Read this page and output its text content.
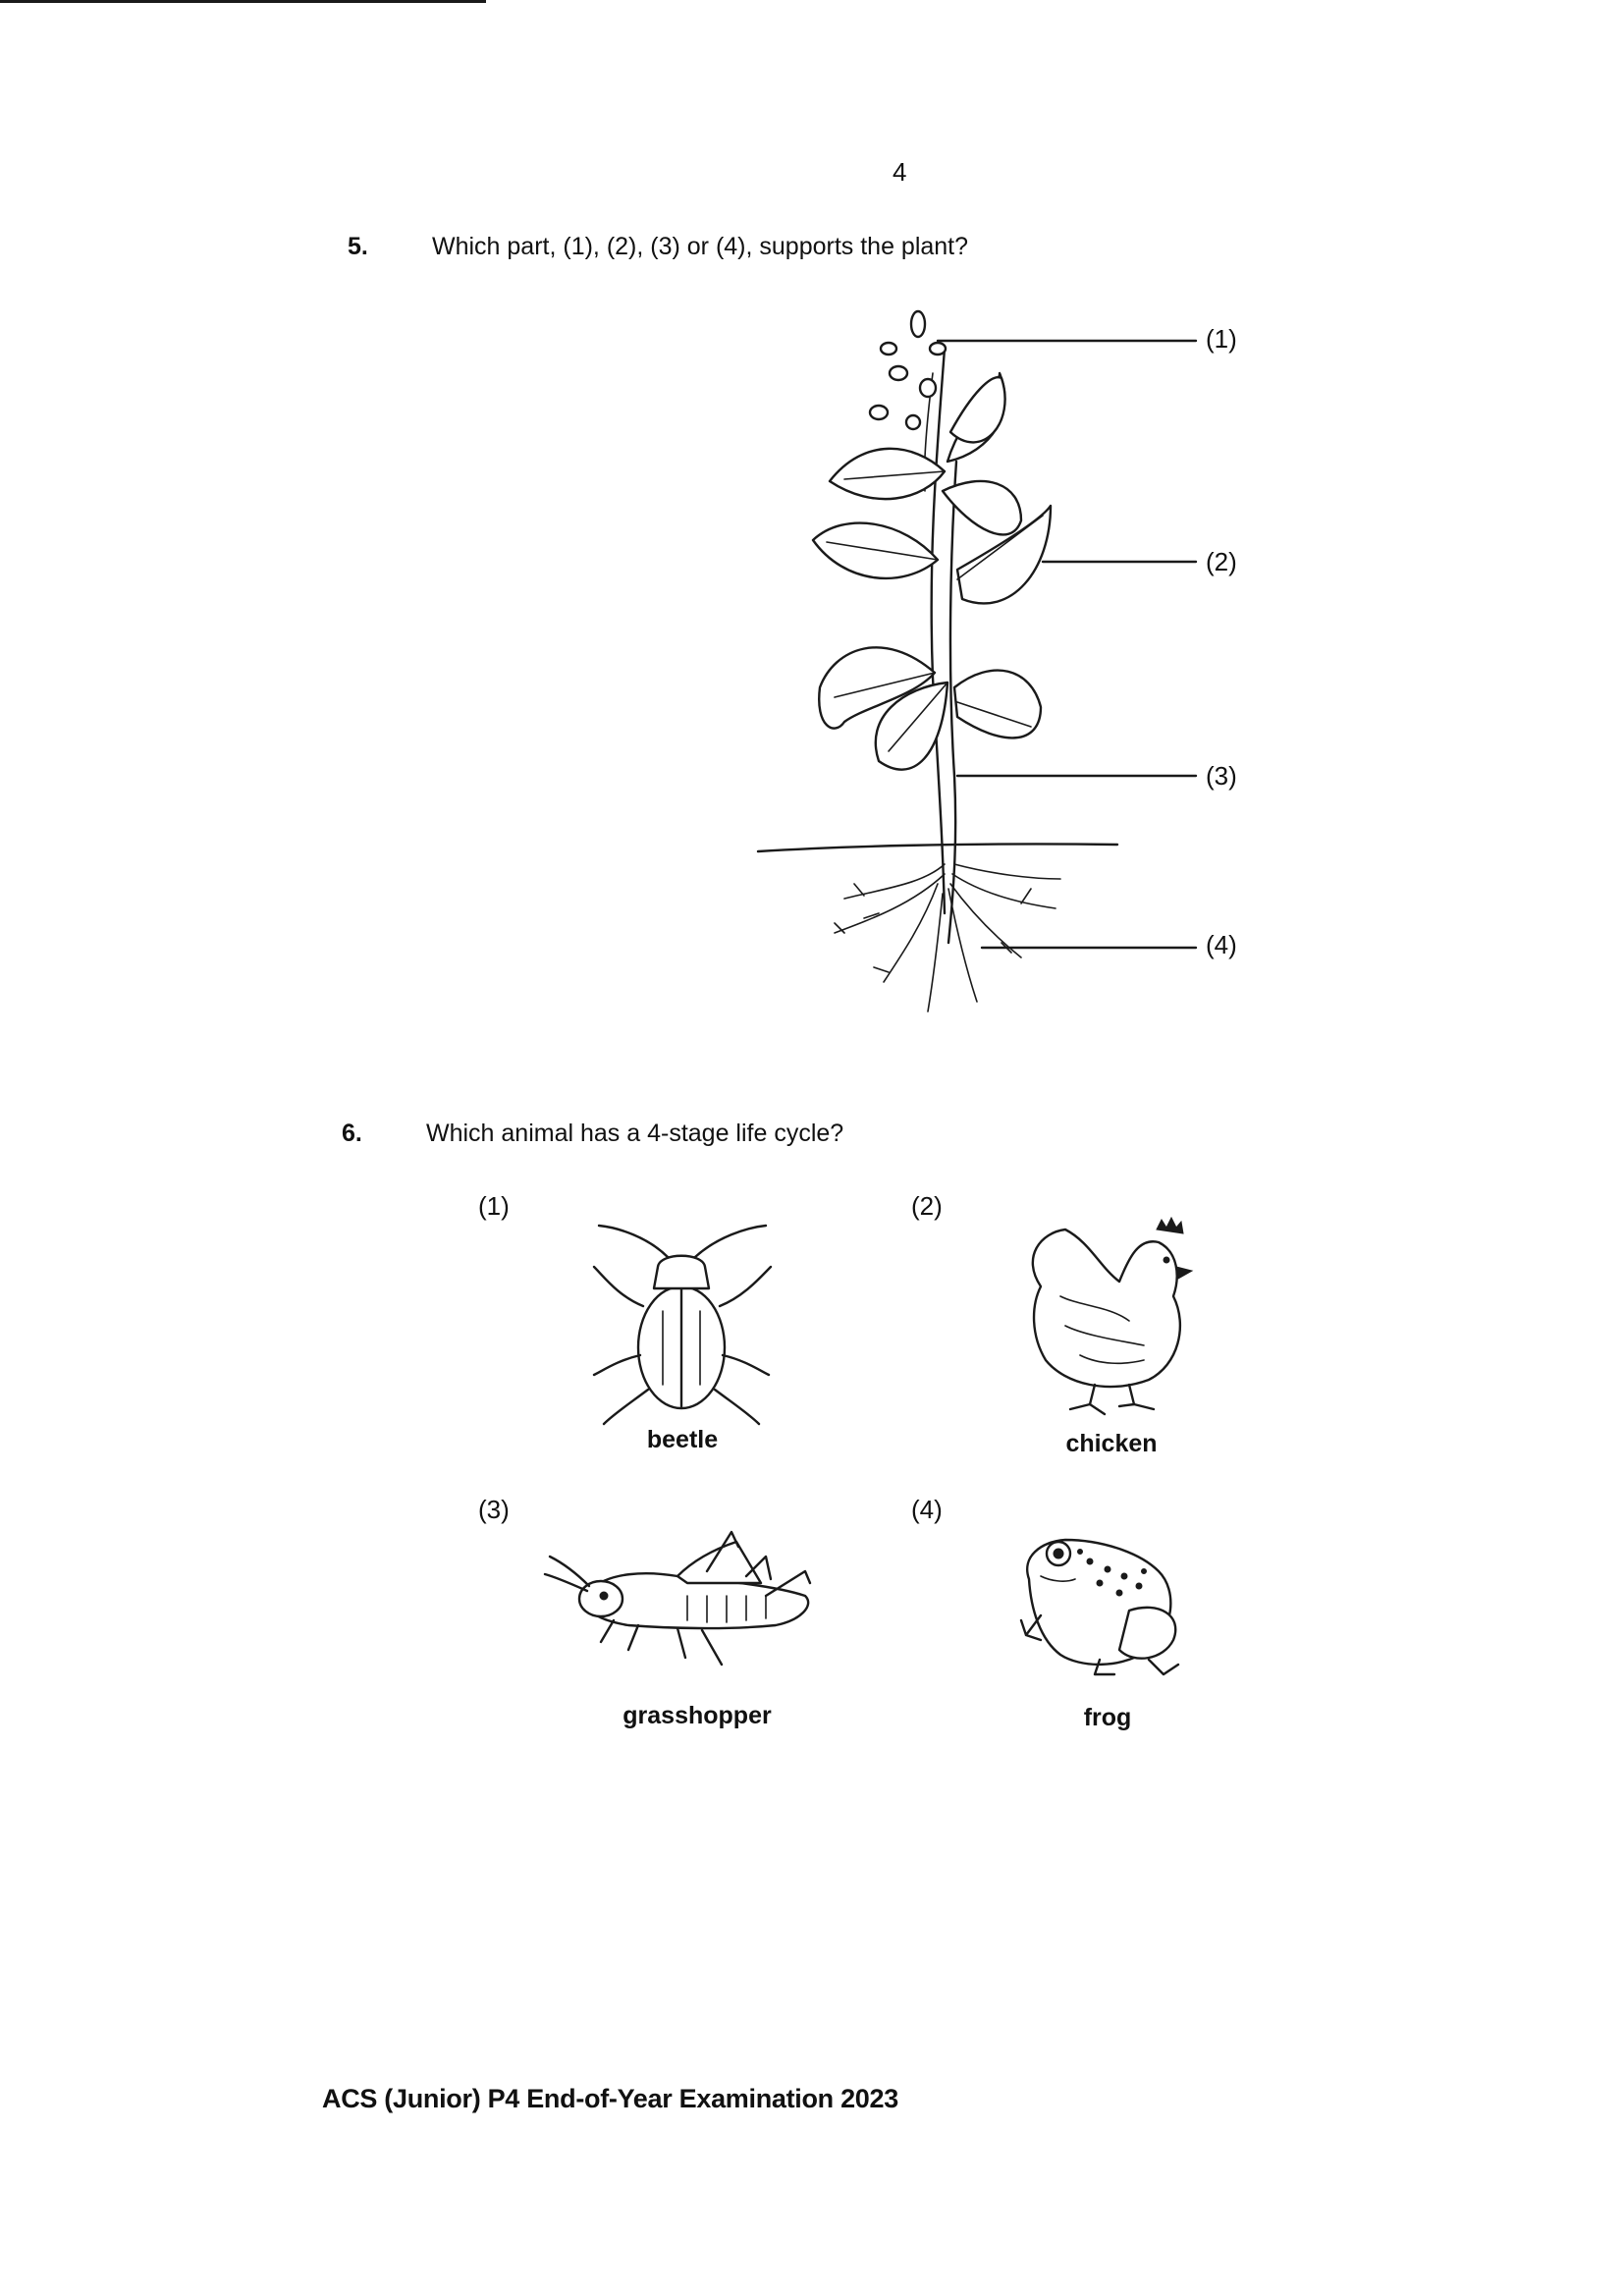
4
5.	Which part, (1), (2), (3) or (4), supports the plant?
(1)
(2)
(3)
(4)
6.	Which animal has a 4-stage life cycle?
(1)	(2)
(3)	(4)
beetle	chicken
grasshopper	frog
ACS (Junior) P4 End-of-Year Examination 2023
